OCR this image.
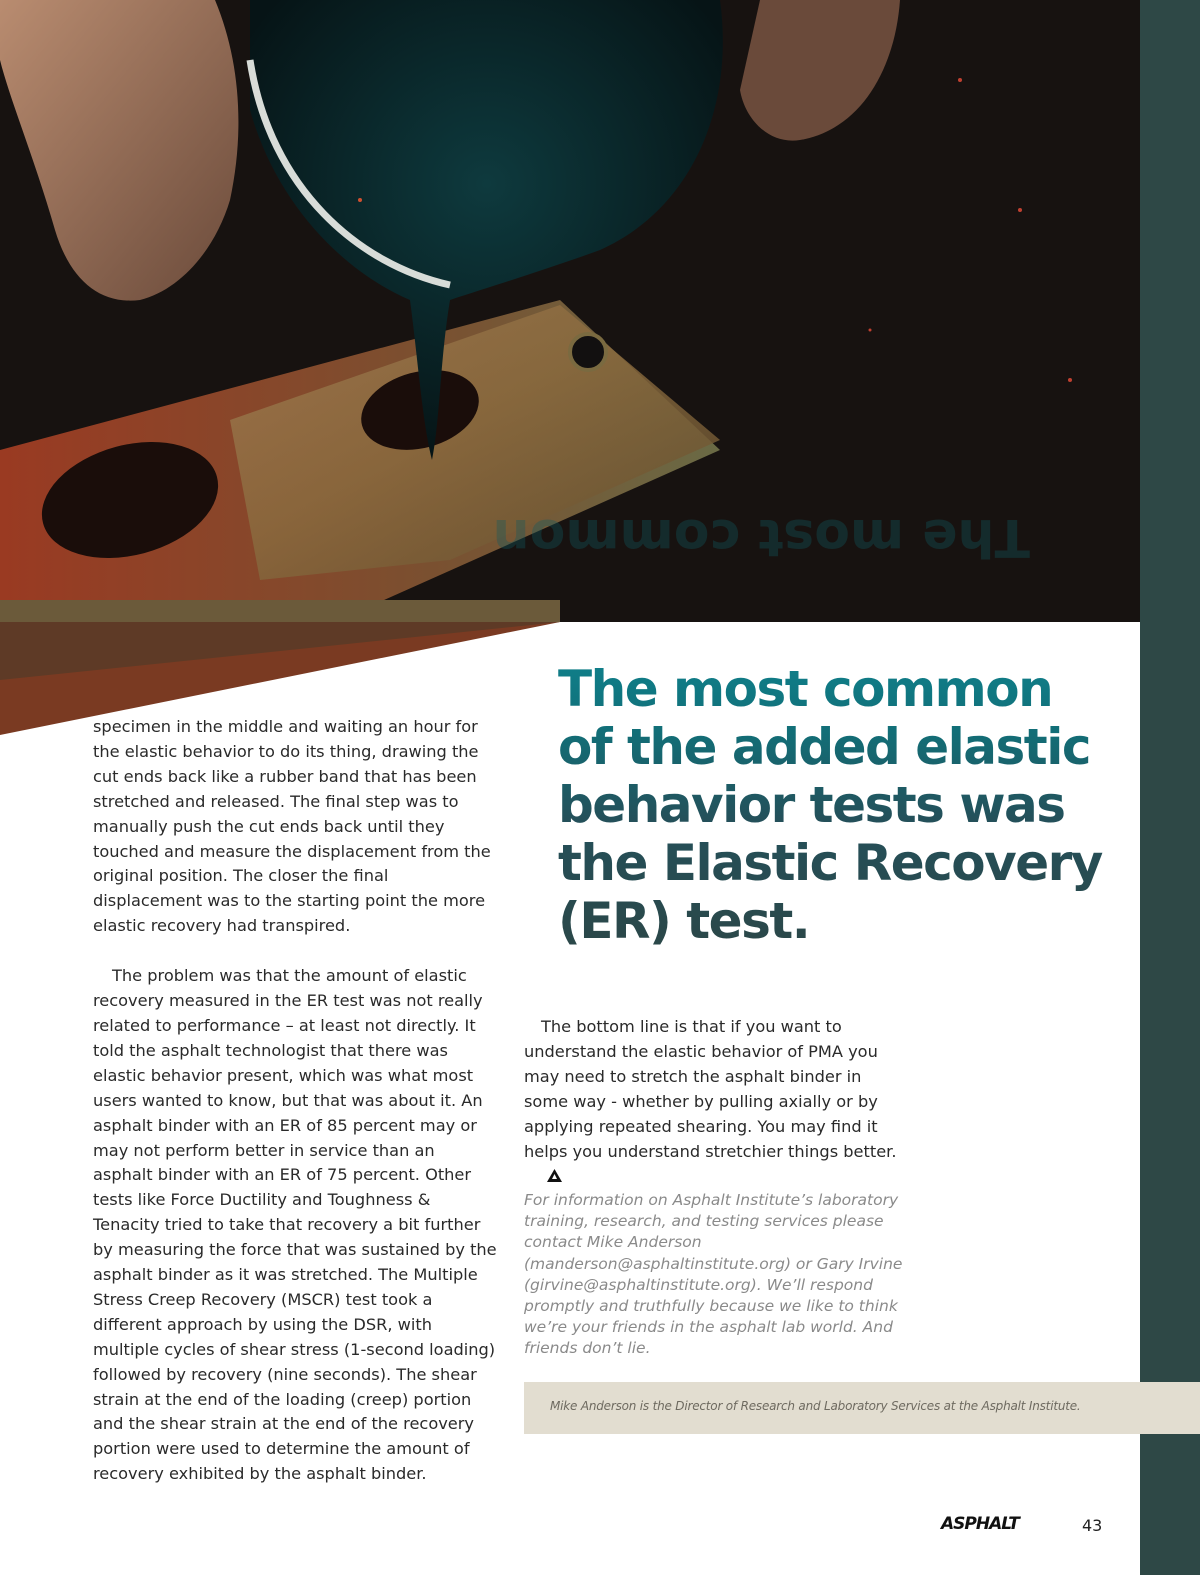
The most common

specimen in the middle and waiting an hour for the elastic behavior to do its thing, drawing the cut ends back like a rubber band that has been stretched and released. The final step was to manually push the cut ends back until they touched and measure the displacement from the original position. The closer the final displacement was to the starting point the more elastic recovery had transpired.

The problem was that the amount of elastic recovery measured in the ER test was not really related to performance – at least not directly. It told the asphalt technologist that there was elastic behavior present, which was what most users wanted to know, but that was about it. An asphalt binder with an ER of 85 percent may or may not perform better in service than an asphalt binder with an ER of 75 percent. Other tests like Force Ductility and Toughness & Tenacity tried to take that recovery a bit further by measuring the force that was sustained by the asphalt binder as it was stretched. The Multiple Stress Creep Recovery (MSCR) test took a different approach by using the DSR, with multiple cycles of shear stress (1-second loading) followed by recovery (nine seconds). The shear strain at the end of the loading (creep) portion and the shear strain at the end of the recovery portion were used to determine the amount of recovery exhibited by the asphalt binder.

The most common of the added elastic behavior tests was the Elastic Recovery (ER) test.

The bottom line is that if you want to understand the elastic behavior of PMA you may need to stretch the asphalt binder in some way - whether by pulling axially or by applying repeated shearing. You may find it helps you understand stretchier things better.

For information on Asphalt Institute’s laboratory training, research, and testing services please contact Mike Anderson (manderson@asphaltinstitute.org) or Gary Irvine (girvine@asphaltinstitute.org). We’ll respond promptly and truthfully because we like to think we’re your friends in the asphalt lab world. And friends don’t lie.

Mike Anderson is the Director of Research and Laboratory Services at the Asphalt Institute.
ASPHALT	43
